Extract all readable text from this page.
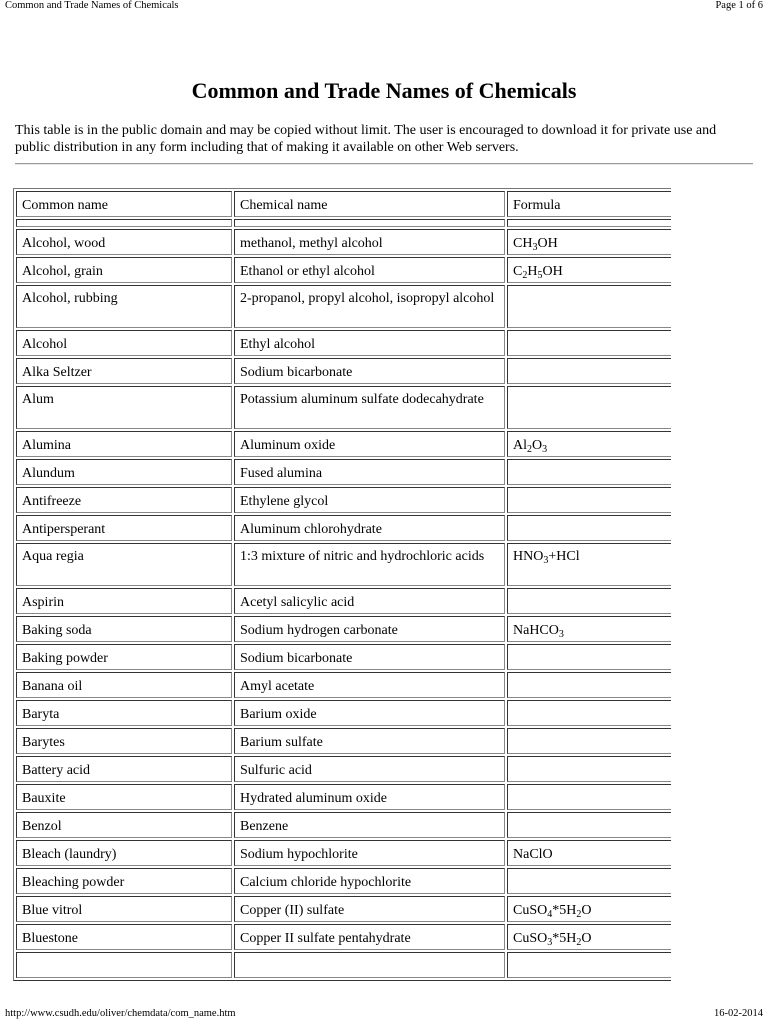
Common and Trade Names of Chemicals	Page 1 of 6
Common and Trade Names of Chemicals

This table is in the public domain and may be copied without limit. The user is encouraged to download it for private use and public distribution in any form including that of making it available on other Web servers.

Common name	Chemical name	Formula

Alcohol, wood	methanol, methyl alcohol	$CH_3OH$
Alcohol, grain	Ethanol or ethyl alcohol	$C_2H_5OH$
Alcohol, rubbing	2-propanol, propyl alcohol, isopropyl alcohol	
Alcohol	Ethyl alcohol	
Alka Seltzer	Sodium bicarbonate	
Alum	Potassium aluminum sulfate dodecahydrate	
Alumina	Aluminum oxide	$Al_2O_3$
Alundum	Fused alumina	
Antifreeze	Ethylene glycol	
Antipersperant	Aluminum chlorohydrate	
Aqua regia	1:3 mixture of nitric and hydrochloric acids	$HNO_3+HCl$
Aspirin	Acetyl salicylic acid	
Baking soda	Sodium hydrogen carbonate	NaHCO$_3$
Baking powder	Sodium bicarbonate	
Banana oil	Amyl acetate	
Baryta	Barium oxide	
Barytes	Barium sulfate	
Battery acid	Sulfuric acid	
Bauxite	Hydrated aluminum oxide	
Benzol	Benzene	
Bleach (laundry)	Sodium hypochlorite	NaClO
Bleaching powder	Calcium chloride hypochlorite	
Blue vitrol	Copper (II) sulfate	$CuSO_4*5H_2O$
Bluestone	Copper II sulfate pentahydrate	$CuSO_3*5H_2O$

http://www.csudh.edu/oliver/chemdata/com_name.htm	16-02-2014
